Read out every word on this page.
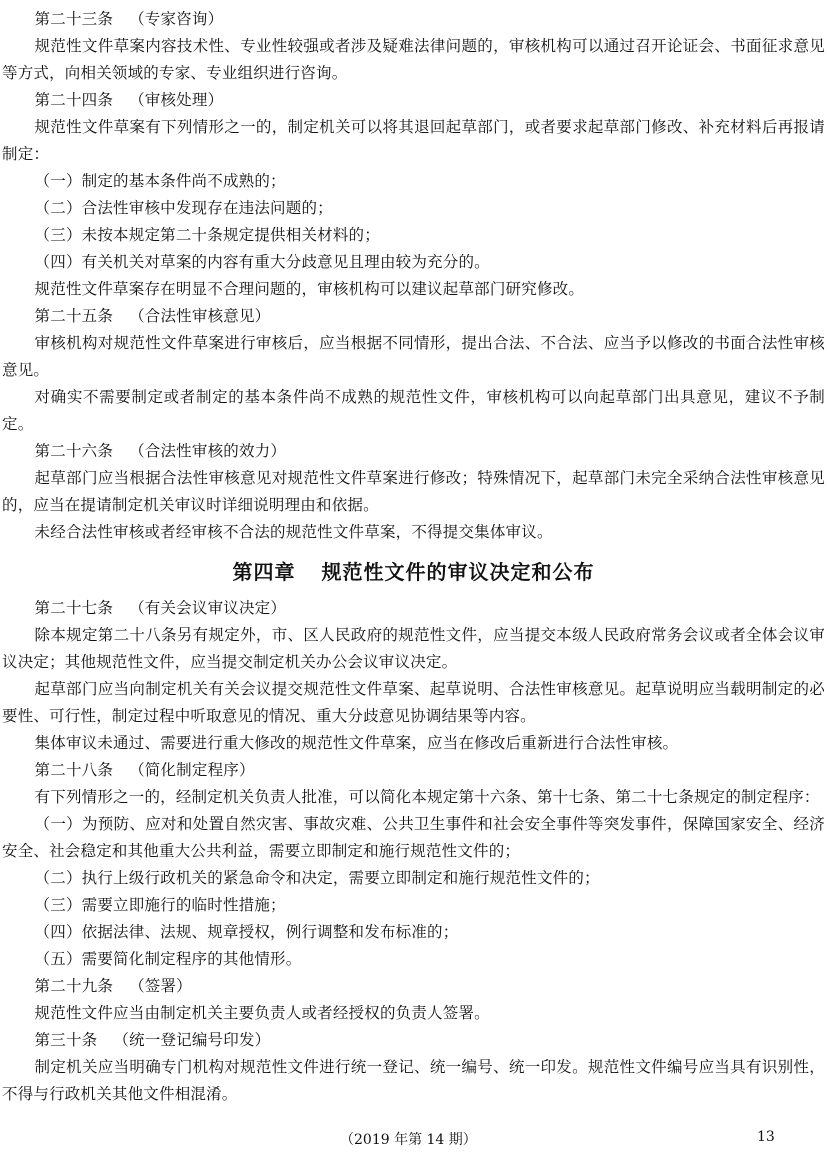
第二十三条 （专家咨询）

规范性文件草案内容技术性、专业性较强或者涉及疑难法律问题的，审核机构可以通过召开论证会、书面征求意见等方式，向相关领域的专家、专业组织进行咨询。

第二十四条 （审核处理）

规范性文件草案有下列情形之一的，制定机关可以将其退回起草部门，或者要求起草部门修改、补充材料后再报请制定：

（一）制定的基本条件尚不成熟的；

（二）合法性审核中发现存在违法问题的；

（三）未按本规定第二十条规定提供相关材料的；

（四）有关机关对草案的内容有重大分歧意见且理由较为充分的。

规范性文件草案存在明显不合理问题的，审核机构可以建议起草部门研究修改。

第二十五条 （合法性审核意见）

审核机构对规范性文件草案进行审核后，应当根据不同情形，提出合法、不合法、应当予以修改的书面合法性审核意见。

对确实不需要制定或者制定的基本条件尚不成熟的规范性文件，审核机构可以向起草部门出具意见，建议不予制定。

第二十六条 （合法性审核的效力）

起草部门应当根据合法性审核意见对规范性文件草案进行修改；特殊情况下，起草部门未完全采纳合法性审核意见的，应当在提请制定机关审议时详细说明理由和依据。

未经合法性审核或者经审核不合法的规范性文件草案，不得提交集体审议。

第四章 规范性文件的审议决定和公布

第二十七条 （有关会议审议决定）

除本规定第二十八条另有规定外，市、区人民政府的规范性文件，应当提交本级人民政府常务会议或者全体会议审议决定；其他规范性文件，应当提交制定机关办公会议审议决定。

起草部门应当向制定机关有关会议提交规范性文件草案、起草说明、合法性审核意见。起草说明应当载明制定的必要性、可行性，制定过程中听取意见的情况、重大分歧意见协调结果等内容。

集体审议未通过、需要进行重大修改的规范性文件草案，应当在修改后重新进行合法性审核。

第二十八条 （简化制定程序）

有下列情形之一的，经制定机关负责人批准，可以简化本规定第十六条、第十七条、第二十七条规定的制定程序：

（一）为预防、应对和处置自然灾害、事故灾难、公共卫生事件和社会安全事件等突发事件，保障国家安全、经济安全、社会稳定和其他重大公共利益，需要立即制定和施行规范性文件的；

（二）执行上级行政机关的紧急命令和决定，需要立即制定和施行规范性文件的；

（三）需要立即施行的临时性措施；

（四）依据法律、法规、规章授权，例行调整和发布标准的；

（五）需要简化制定程序的其他情形。

第二十九条 （签署）

规范性文件应当由制定机关主要负责人或者经授权的负责人签署。

第三十条 （统一登记编号印发）

制定机关应当明确专门机构对规范性文件进行统一登记、统一编号、统一印发。规范性文件编号应当具有识别性，不得与行政机关其他文件相混淆。

（2019 年第 14 期）	13
